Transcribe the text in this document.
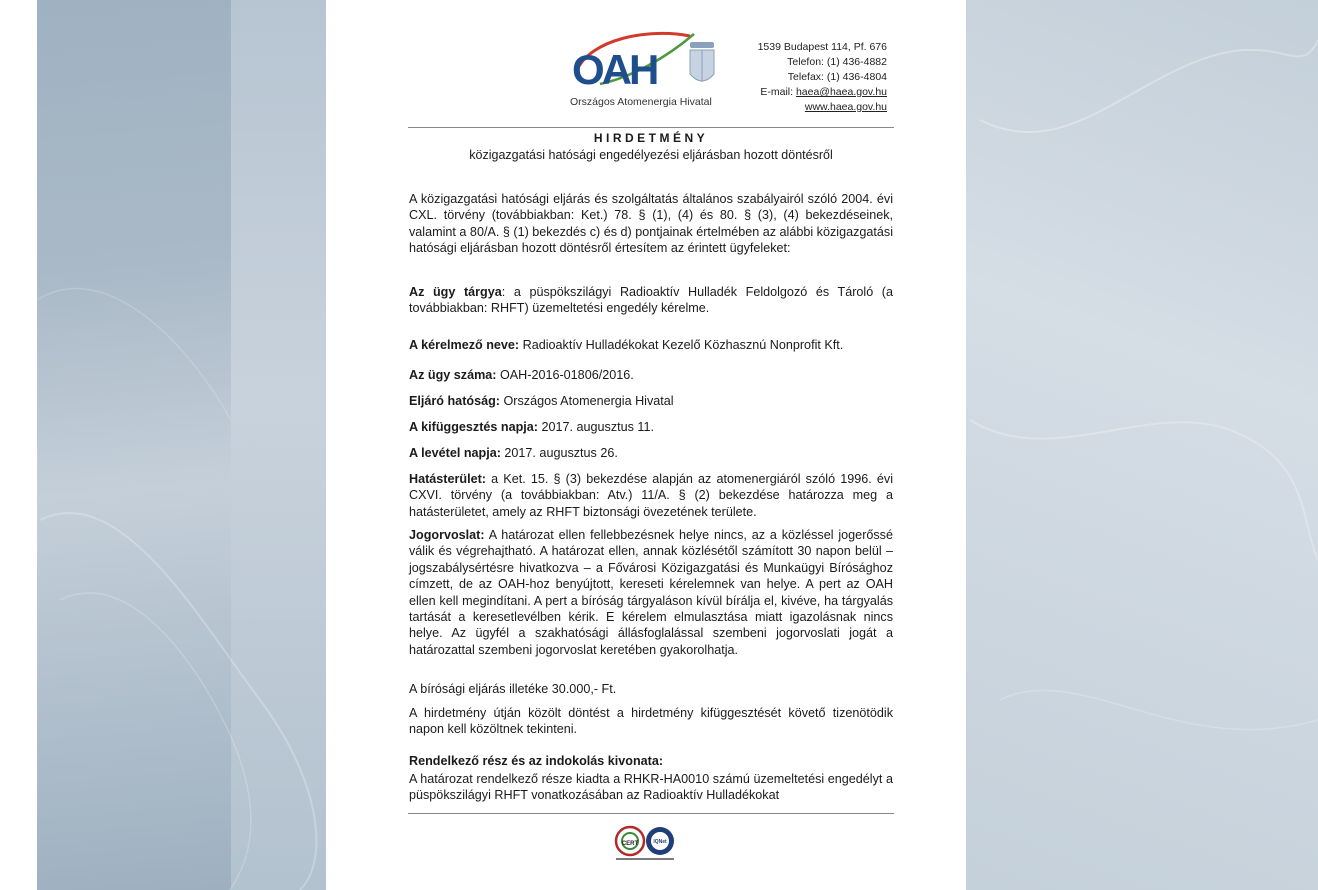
OAH
Országos Atomenergia Hivatal
1539 Budapest 114, Pf. 676
Telefon: (1) 436-4882
Telefax: (1) 436-4804
E-mail: haea@haea.gov.hu
www.haea.gov.hu
HIRDETMÉNY
közigazgatási hatósági engedélyezési eljárásban hozott döntésről
A közigazgatási hatósági eljárás és szolgáltatás általános szabályairól szóló 2004. évi CXL. törvény (továbbiakban: Ket.) 78. § (1), (4) és 80. § (3), (4) bekezdéseinek, valamint a 80/A. § (1) bekezdés c) és d) pontjainak értelmében az alábbi közigazgatási hatósági eljárásban hozott döntésről értesítem az érintett ügyfeleket:
Az ügy tárgya: a püspökszilágyi Radioaktív Hulladék Feldolgozó és Tároló (a továbbiakban: RHFT) üzemeltetési engedély kérelme.
A kérelmező neve: Radioaktív Hulladékokat Kezelő Közhasznú Nonprofit Kft.
Az ügy száma: OAH-2016-01806/2016.
Eljáró hatóság: Országos Atomenergia Hivatal
A kifüggesztés napja: 2017. augusztus 11.
A levétel napja: 2017. augusztus 26.
Hatásterület: a Ket. 15. § (3) bekezdése alapján az atomenergiáról szóló 1996. évi CXVI. törvény (a továbbiakban: Atv.) 11/A. § (2) bekezdése határozza meg a hatásterületet, amely az RHFT biztonsági övezetének területe.
Jogorvoslat: A határozat ellen fellebbezésnek helye nincs, az a közléssel jogerőssé válik és végrehajtható. A határozat ellen, annak közlésétől számított 30 napon belül – jogszabálysértésre hivatkozva – a Fővárosi Közigazgatási és Munkaügyi Bírósághoz címzett, de az OAH-hoz benyújtott, kereseti kérelemnek van helye. A pert az OAH ellen kell megindítani. A pert a bíróság tárgyaláson kívül bírálja el, kivéve, ha tárgyalás tartását a keresetlevélben kérik. E kérelem elmulasztása miatt igazolásnak nincs helye. Az ügyfél a szakhatósági állásfoglalással szembeni jogorvoslati jogát a határozattal szembeni jogorvoslat keretében gyakorolhatja.
A bírósági eljárás illetéke 30.000,- Ft.
A hirdetmény útján közölt döntést a hirdetmény kifüggesztését követő tizenötödik napon kell közöltnek tekinteni.
Rendelkező rész és az indokolás kivonata:
A határozat rendelkező része kiadta a RHKR-HA0010 számú üzemeltetési engedélyt a püspökszilágyi RHFT vonatkozásában az Radioaktív Hulladékokat
CERT	IQNet
